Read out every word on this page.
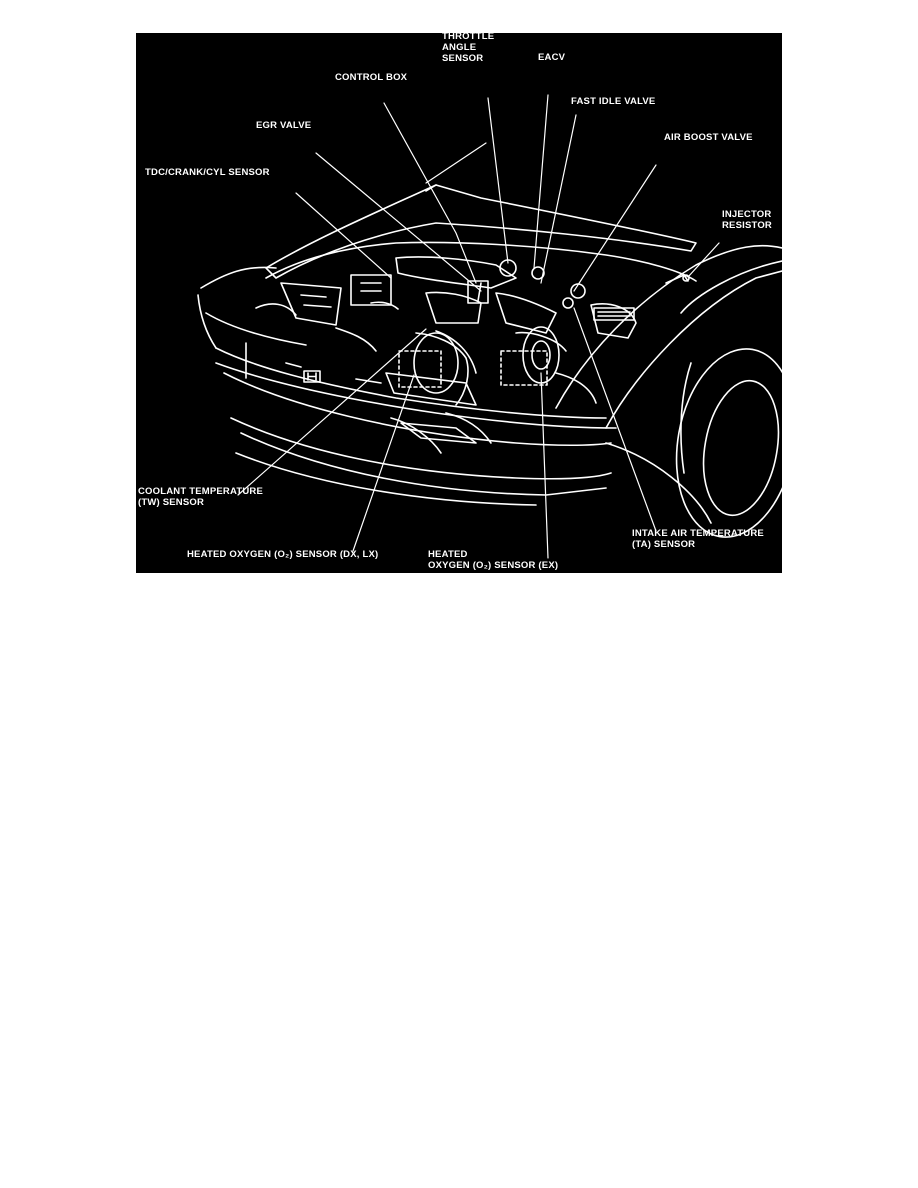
THROTTLE
ANGLE
SENSOR	EACV
CONTROL BOX
FAST IDLE VALVE
EGR VALVE
AIR BOOST VALVE
TDC/CRANK/CYL SENSOR
INJECTOR
RESISTOR
COOLANT TEMPERATURE
(TW) SENSOR
INTAKE AIR TEMPERATURE
(TA) SENSOR
HEATED OXYGEN (O₂) SENSOR (DX, LX)	HEATED
OXYGEN (O₂) SENSOR (EX)
